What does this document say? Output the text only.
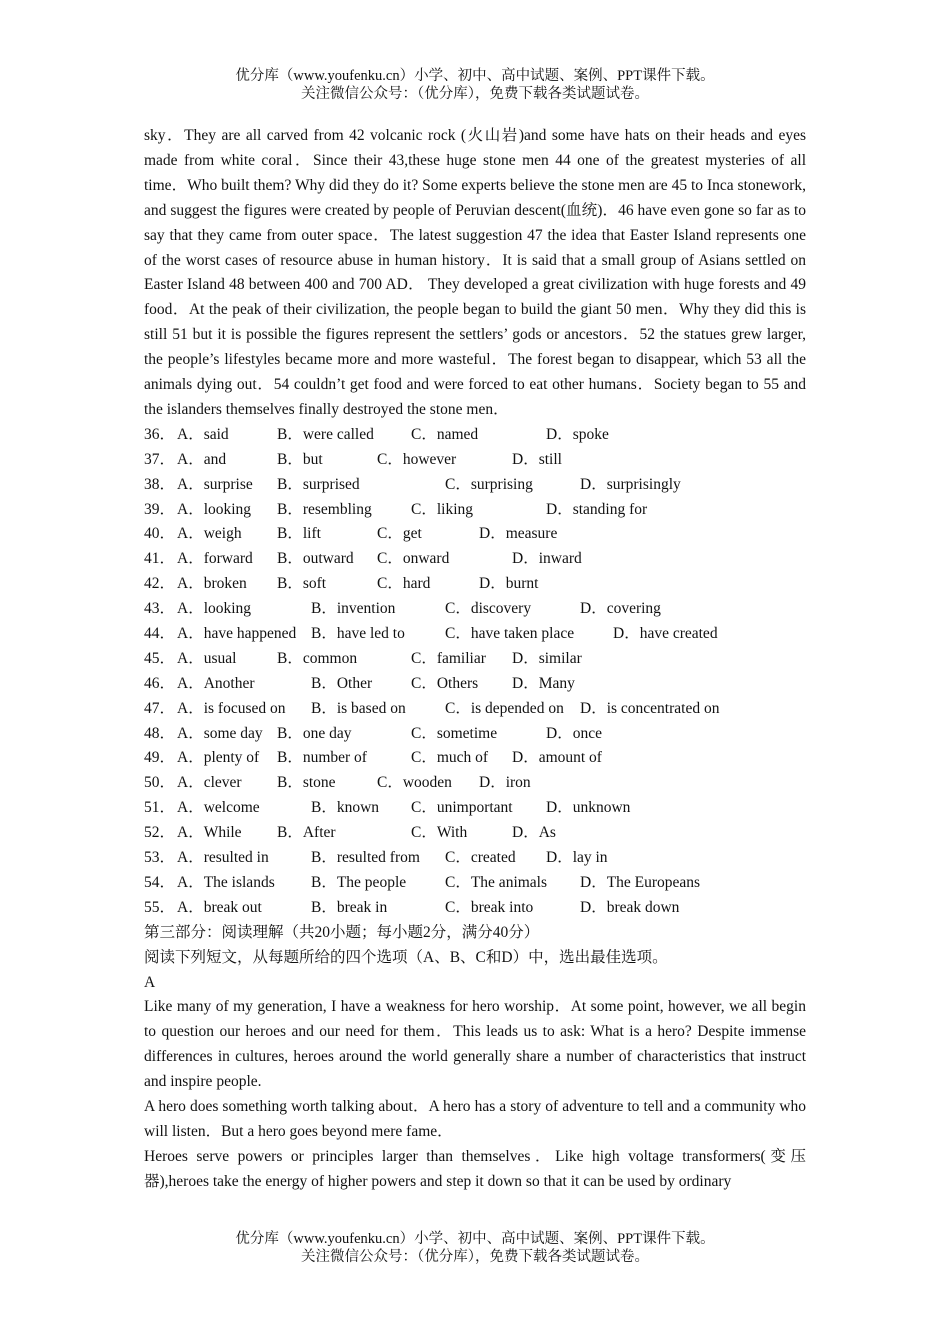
优分库（www.youfenku.cn）小学、初中、高中试题、案例、PPT课件下载。
关注微信公众号：（优分库），免费下载各类试题试卷。

sky．They are all carved from 42 volcanic rock (火山岩)and some have hats on their heads and eyes made from white coral．Since their 43,these huge stone men 44 one of the greatest mysteries of all time．Who built them? Why did they do it? Some experts believe the stone men are 45 to Inca stonework, and suggest the figures were created by people of Peruvian descent(血统)．46 have even gone so far as to say that they came from outer space．The latest suggestion 47 the idea that Easter Island represents one of the worst cases of resource abuse in human history．It is said that a small group of Asians settled on Easter Island 48 between 400 and 700 AD． They developed a great civilization with huge forests and 49 food．At the peak of their civilization, the people began to build the giant 50 men．Why they did this is still 51 but it is possible the figures represent the settlers’ gods or ancestors．52 the statues grew larger, the people’s lifestyles became more and more wasteful．The forest began to disappear, which 53 all the animals dying out．54 couldn’t get food and were forced to eat other humans．Society began to 55 and the islanders themselves finally destroyed the stone men．

36． A．said	B．were called C．named	D．spoke
37． A．and	B．but	C．however	D．still
38． A．surprise B．surprised	C．surprising	D．surprisingly
39． A．looking B．resembling	C．liking	D．standing for
40． A．weigh B．lift	C．get	D．measure
41． A．forward B．outward C．onward	D．inward
42． A．broken B．soft	C．hard	D．burnt
43． A．looking	B．invention	C．discovery	D．covering
44． A．have happened B．have led to	C．have taken place	D．have created
45． A．usual	B．common	C．familiar D．similar
46． A．Another	B．Other	C．Others D．Many
47． A．is focused on B．is based on	C．is depended on D．is concentrated on
48． A．some day B．one day	C．sometime	D．once
49． A．plenty of B．number of	C．much of D．amount of
50． A．clever B．stone	C．wooden D．iron
51． A．welcome	B．known C．unimportant D．unknown
52． A．While B．After	C．With	D．As
53． A．resulted in	B．resulted from C．created D．lay in
54． A．The islands B．The people	C．The animals D．The Europeans
55． A．break out	B．break in	C．break into	D．break down

第三部分：阅读理解（共20小题；每小题2分，满分40分）

阅读下列短文，从每题所给的四个选项（A、B、C和D）中，选出最佳选项。

A

Like many of my generation, I have a weakness for hero worship．At some point, however, we all begin to question our heroes and our need for them．This leads us to ask: What is a hero? Despite immense differences in cultures, heroes around the world generally share a number of characteristics that instruct and inspire people.

A hero does something worth talking about．A hero has a story of adventure to tell and a community who will listen．But a hero goes beyond mere fame．

Heroes serve powers or principles larger than themselves．Like high voltage transformers(变压器),heroes take the energy of higher powers and step it down so that it can be used by ordinary

优分库（www.youfenku.cn）小学、初中、高中试题、案例、PPT课件下载。
关注微信公众号：（优分库），免费下载各类试题试卷。
